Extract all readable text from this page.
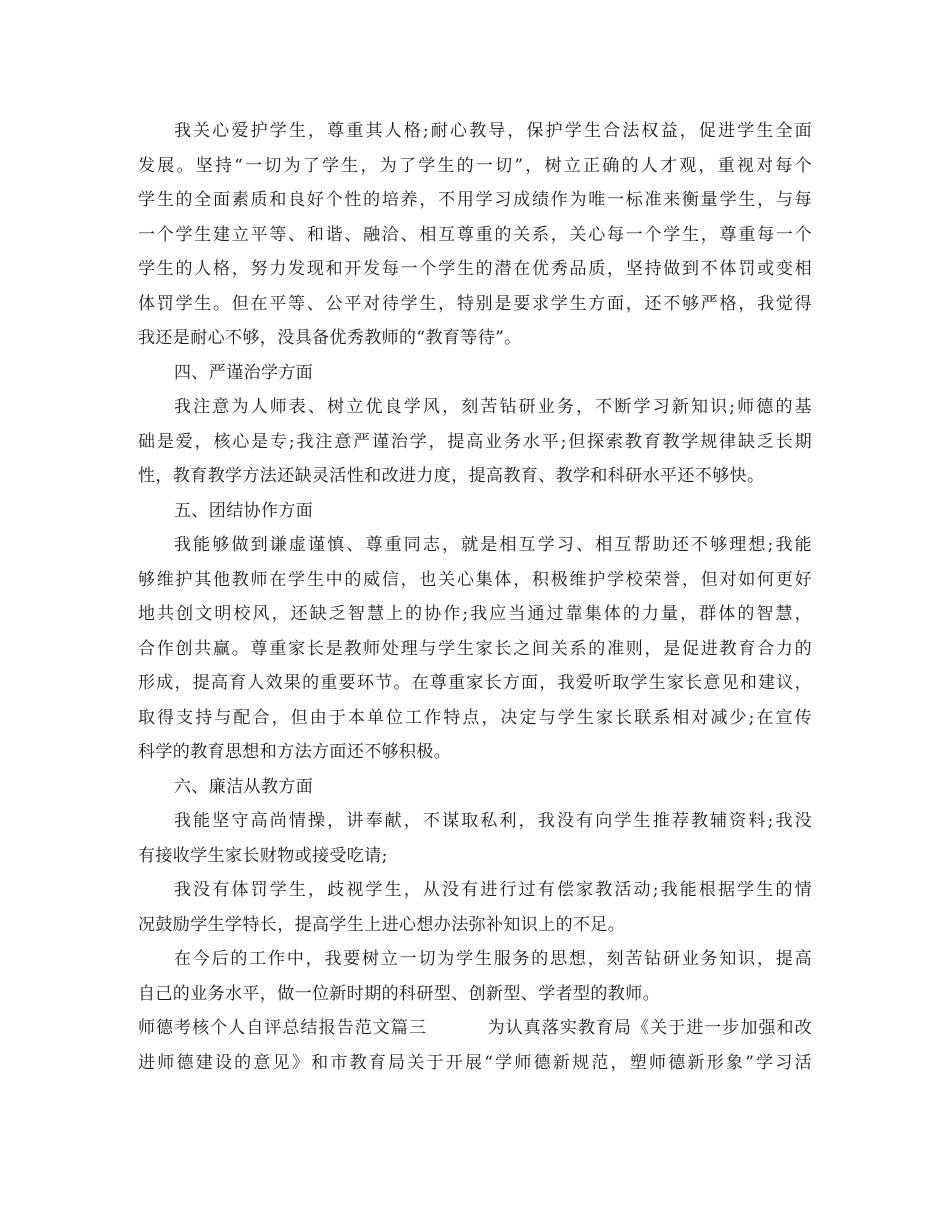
我关心爱护学生，尊重其人格;耐心教导，保护学生合法权益，促进学生全面
发展。坚持“一切为了学生，为了学生的一切”，树立正确的人才观，重视对每个
学生的全面素质和良好个性的培养，不用学习成绩作为唯一标准来衡量学生，与每
一个学生建立平等、和谐、融洽、相互尊重的关系，关心每一个学生，尊重每一个
学生的人格，努力发现和开发每一个学生的潜在优秀品质，坚持做到不体罚或变相
体罚学生。但在平等、公平对待学生，特别是要求学生方面，还不够严格，我觉得
我还是耐心不够，没具备优秀教师的“教育等待”。

四、严谨治学方面

我注意为人师表、树立优良学风，刻苦钻研业务，不断学习新知识;师德的基
础是爱，核心是专;我注意严谨治学，提高业务水平;但探索教育教学规律缺乏长期
性，教育教学方法还缺灵活性和改进力度，提高教育、教学和科研水平还不够快。

五、团结协作方面

我能够做到谦虚谨慎、尊重同志，就是相互学习、相互帮助还不够理想;我能
够维护其他教师在学生中的威信，也关心集体，积极维护学校荣誉，但对如何更好
地共创文明校风，还缺乏智慧上的协作;我应当通过靠集体的力量，群体的智慧，
合作创共赢。尊重家长是教师处理与学生家长之间关系的准则，是促进教育合力的
形成，提高育人效果的重要环节。在尊重家长方面，我爱听取学生家长意见和建议，
取得支持与配合，但由于本单位工作特点，决定与学生家长联系相对减少;在宣传
科学的教育思想和方法方面还不够积极。

六、廉洁从教方面

我能坚守高尚情操，讲奉献，不谋取私利，我没有向学生推荐教辅资料;我没
有接收学生家长财物或接受吃请;

我没有体罚学生，歧视学生，从没有进行过有偿家教活动;我能根据学生的情
况鼓励学生学特长，提高学生上进心想办法弥补知识上的不足。

在今后的工作中，我要树立一切为学生服务的思想，刻苦钻研业务知识，提高
自己的业务水平，做一位新时期的科研型、创新型、学者型的教师。

师德考核个人自评总结报告范文篇三	为认真落实教育局《关于进一步加强和改
进师德建设的意见》和市教育局关于开展“学师德新规范，塑师德新形象”学习活
